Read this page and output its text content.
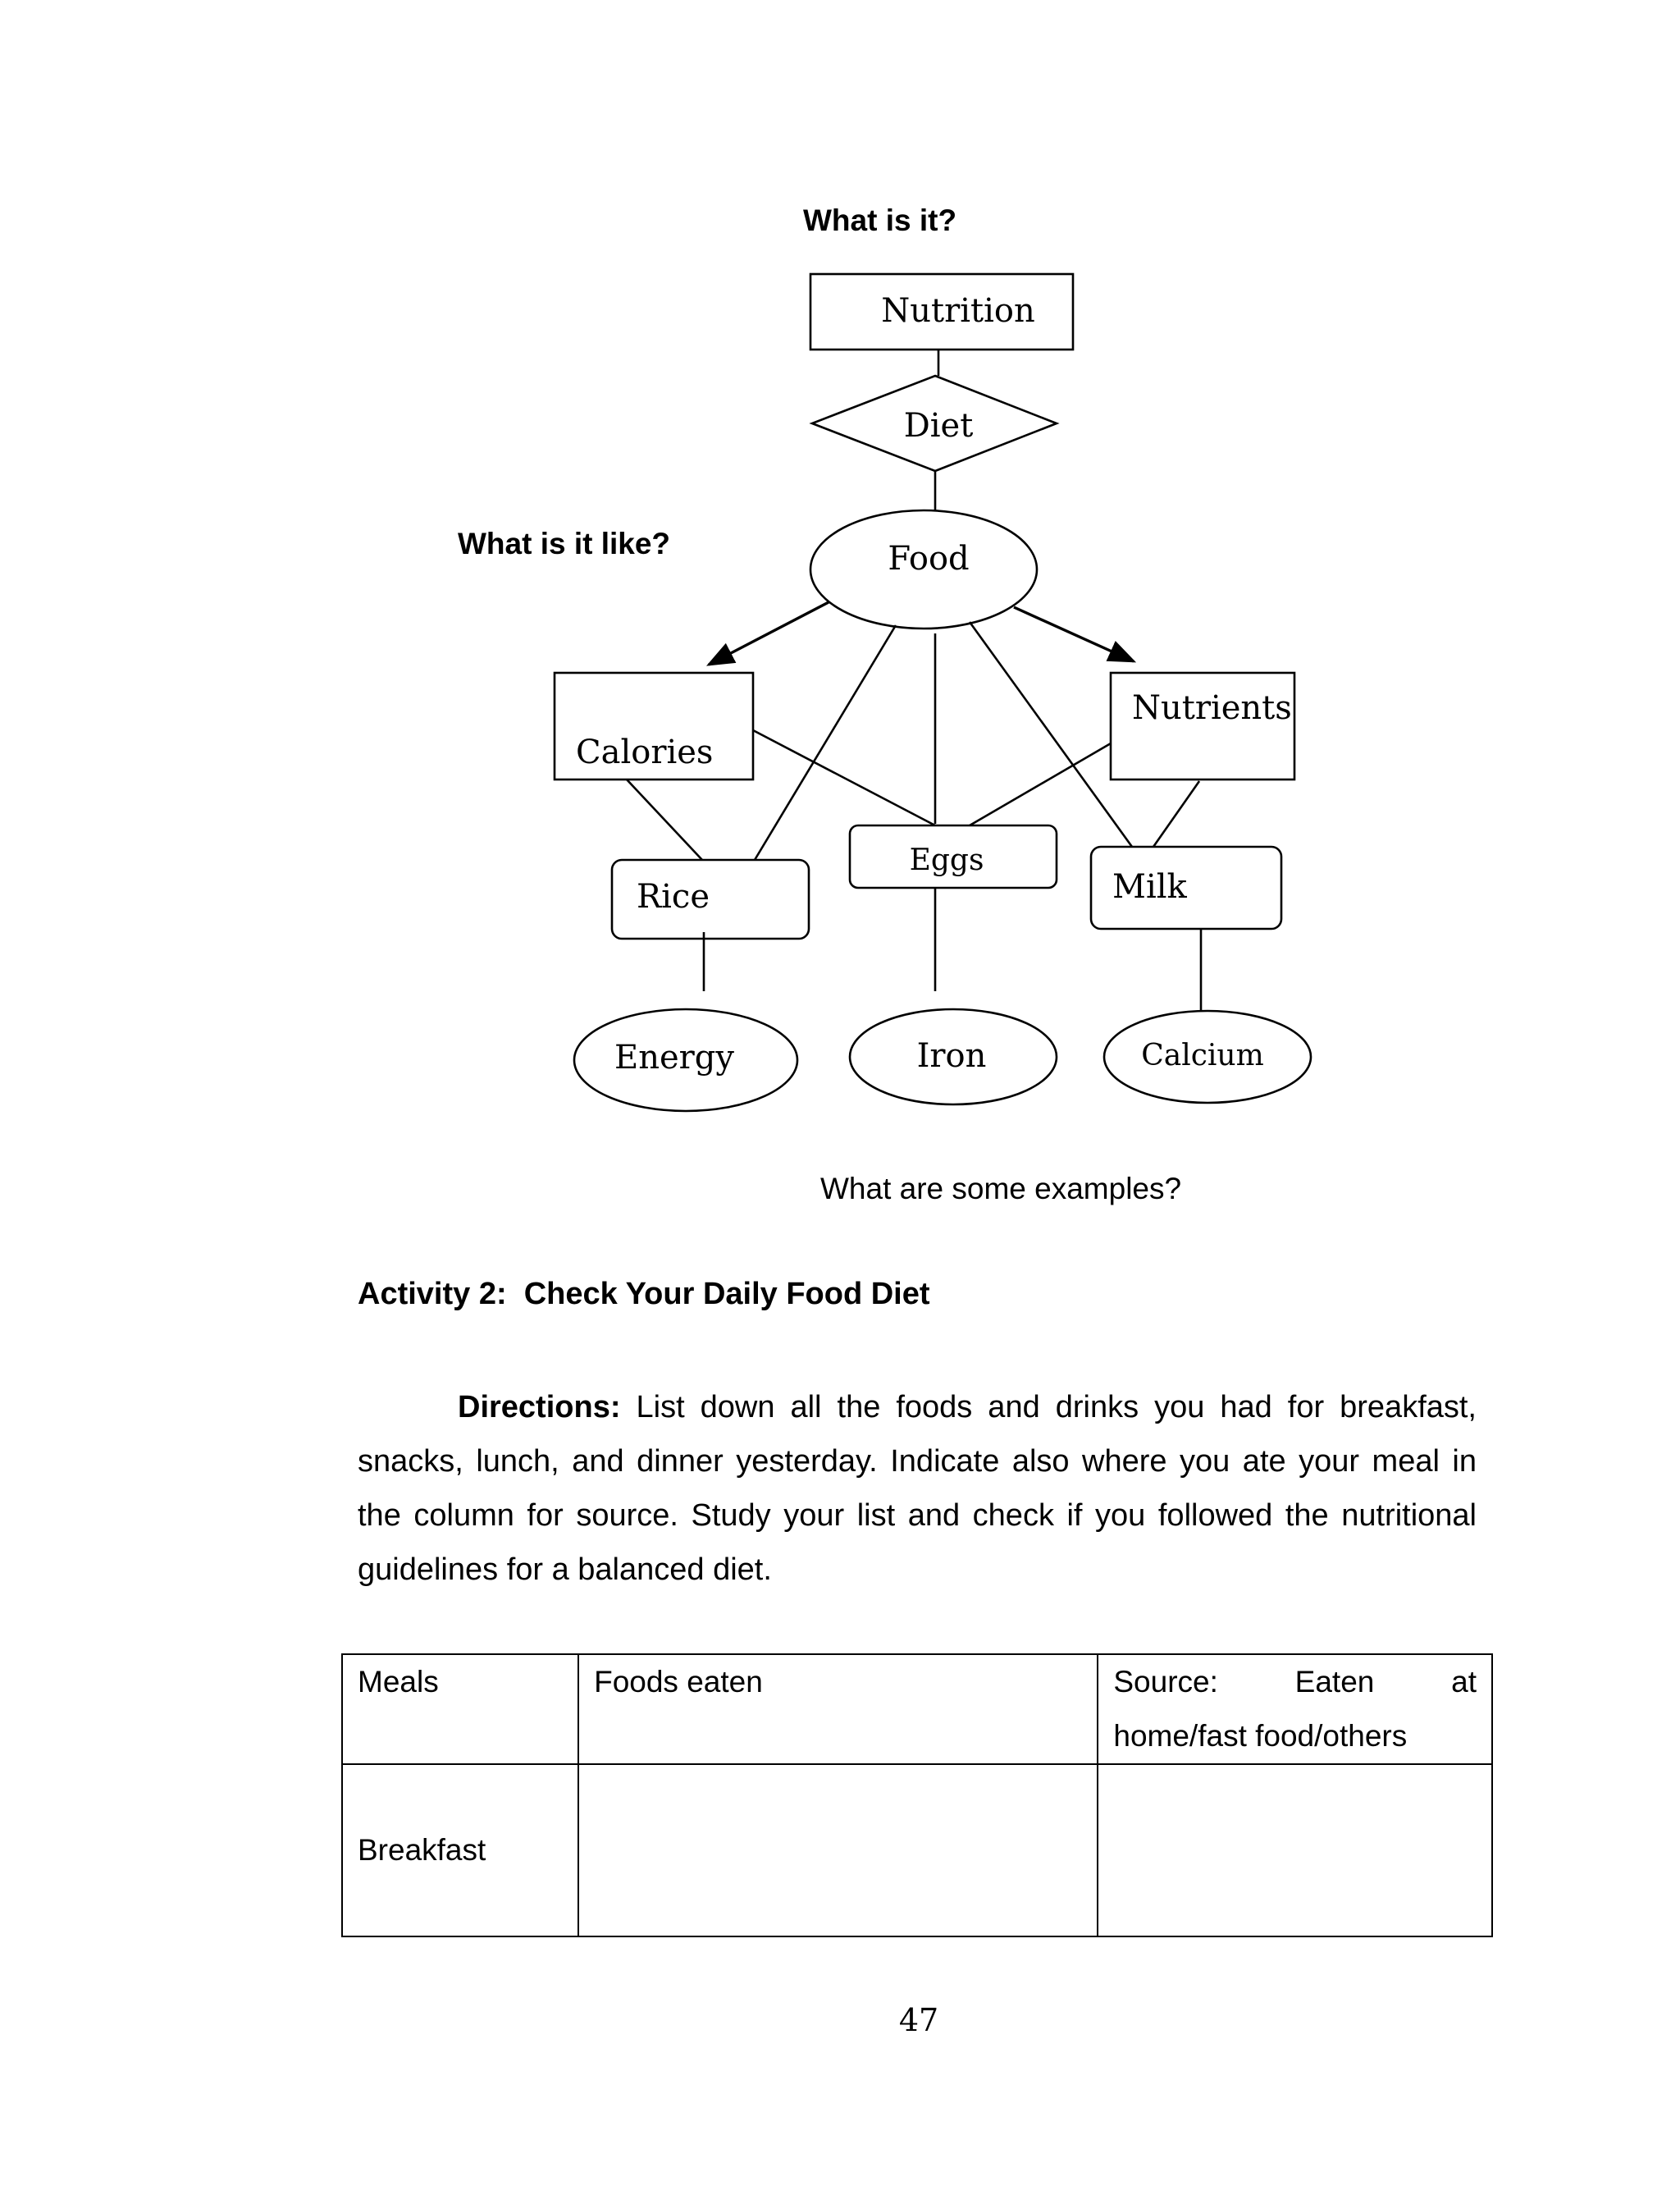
What is it?
What is it like?
What are some examples?
Nutrition
Diet
Food
Calories
Nutrients
Rice
Eggs
Milk
Energy	Iron	Calcium
Activity 2:  Check Your Daily Food Diet

Directions: List down all the foods and drinks you had for breakfast, snacks, lunch, and dinner yesterday. Indicate also where you ate your meal in the column for source. Study your list and check if you followed the nutritional guidelines for a balanced diet.

Meals	Foods eaten	Source: Eaten at
home/fast food/others

Breakfast		
47
